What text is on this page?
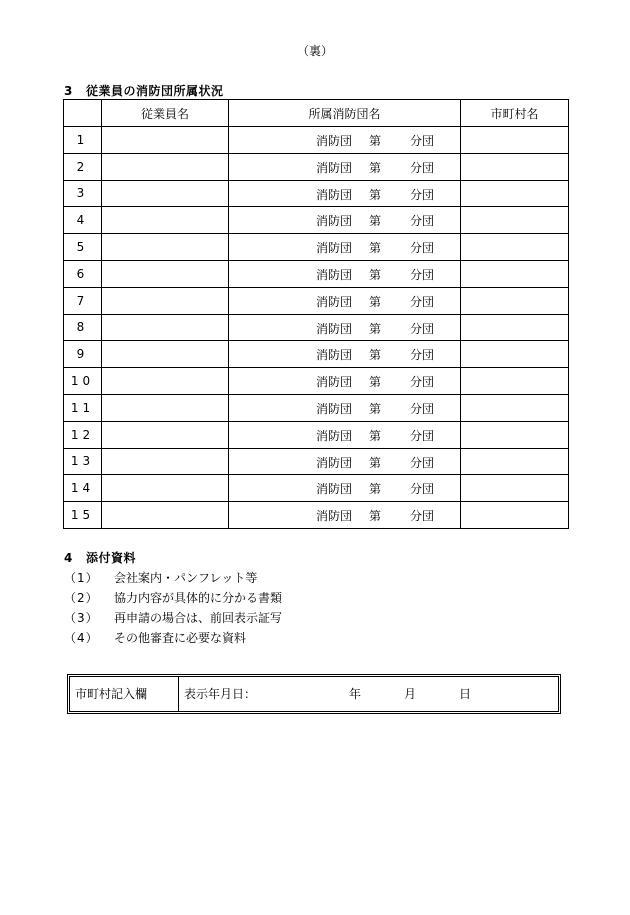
（裏）
3 従業員の消防団所属状況
	従業員名	所属消防団名	市町村名
1		消防団 第 分団	

2		消防団 第 分団	

3		消防団 第 分団	

4		消防団 第 分団	

5		消防団 第 分団	

6		消防団 第 分団	

7		消防団 第 分団	

8		消防団 第 分団	

9		消防団 第 分団	

10		消防団 第 分団	

11		消防団 第 分団	

12		消防団 第 分団	

13		消防団 第 分団	

14		消防団 第 分団	

15		消防団 第 分団	

4 添付資料
（1） 会社案内・パンフレット等
（2） 協力内容が具体的に分かる書類
（3） 再申請の場合は、前回表示証写
（4） その他審査に必要な資料
市町村記入欄	表示年月日：	年	月	日
